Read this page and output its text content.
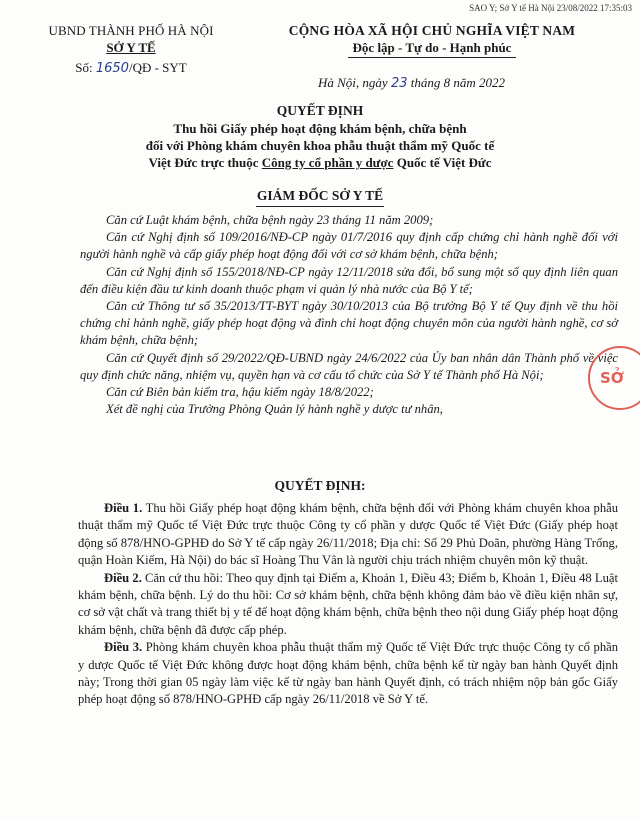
SAO Y; Sở Y tế Hà Nội 23/08/2022 17:35:03
UBND THÀNH PHỐ HÀ NỘI
SỞ Y TẾ
Số: 1650/QĐ - SYT
CỘNG HÒA XÃ HỘI CHỦ NGHĨA VIỆT NAM
Độc lập - Tự do - Hạnh phúc
Hà Nội, ngày 23 tháng 8 năm 2022
QUYẾT ĐỊNH
Thu hồi Giấy phép hoạt động khám bệnh, chữa bệnh
đối với Phòng khám chuyên khoa phẫu thuật thẩm mỹ Quốc tế
Việt Đức trực thuộc Công ty cổ phần y dược Quốc tế Việt Đức
GIÁM ĐỐC SỞ Y TẾ

Căn cứ Luật khám bệnh, chữa bệnh ngày 23 tháng 11 năm 2009;

Căn cứ Nghị định số 109/2016/NĐ-CP ngày 01/7/2016 quy định cấp chứng chỉ hành nghề đối với người hành nghề và cấp giấy phép hoạt động đối với cơ sở khám bệnh, chữa bệnh;

Căn cứ Nghị định số 155/2018/NĐ-CP ngày 12/11/2018 sửa đổi, bổ sung một số quy định liên quan đến điều kiện đầu tư kinh doanh thuộc phạm vi quản lý nhà nước của Bộ Y tế;

Căn cứ Thông tư số 35/2013/TT-BYT ngày 30/10/2013 của Bộ trưởng Bộ Y tế Quy định về thu hồi chứng chỉ hành nghề, giấy phép hoạt động và đình chỉ hoạt động chuyên môn của người hành nghề, cơ sở khám bệnh, chữa bệnh;

Căn cứ Quyết định số 29/2022/QĐ-UBND ngày 24/6/2022 của Ủy ban nhân dân Thành phố về việc quy định chức năng, nhiệm vụ, quyền hạn và cơ cấu tổ chức của Sở Y tế Thành phố Hà Nội;

Căn cứ Biên bản kiểm tra, hậu kiểm ngày 18/8/2022;

Xét đề nghị của Trưởng Phòng Quản lý hành nghề y dược tư nhân,

SỞ
QUYẾT ĐỊNH:

Điều 1. Thu hồi Giấy phép hoạt động khám bệnh, chữa bệnh đối với Phòng khám chuyên khoa phẫu thuật thẩm mỹ Quốc tế Việt Đức trực thuộc Công ty cổ phần y dược Quốc tế Việt Đức (Giấy phép hoạt động số 878/HNO-GPHĐ do Sở Y tế cấp ngày 26/11/2018; Địa chỉ: Số 29 Phủ Doãn, phường Hàng Trống, quận Hoàn Kiếm, Hà Nội) do bác sĩ Hoàng Thu Vân là người chịu trách nhiệm chuyên môn kỹ thuật.

Điều 2. Căn cứ thu hồi: Theo quy định tại Điểm a, Khoản 1, Điều 43; Điểm b, Khoản 1, Điều 48 Luật khám bệnh, chữa bệnh. Lý do thu hồi: Cơ sở khám bệnh, chữa bệnh không đảm bảo về điều kiện nhân sự, cơ sở vật chất và trang thiết bị y tế để hoạt động khám bệnh, chữa bệnh theo nội dung Giấy phép hoạt động khám bệnh, chữa bệnh đã được cấp phép.

Điều 3. Phòng khám chuyên khoa phẫu thuật thẩm mỹ Quốc tế Việt Đức trực thuộc Công ty cổ phần y dược Quốc tế Việt Đức không được hoạt động khám bệnh, chữa bệnh kể từ ngày ban hành Quyết định này; Trong thời gian 05 ngày làm việc kể từ ngày ban hành Quyết định, có trách nhiệm nộp bản gốc Giấy phép hoạt động số 878/HNO-GPHĐ cấp ngày 26/11/2018 về Sở Y tế.
